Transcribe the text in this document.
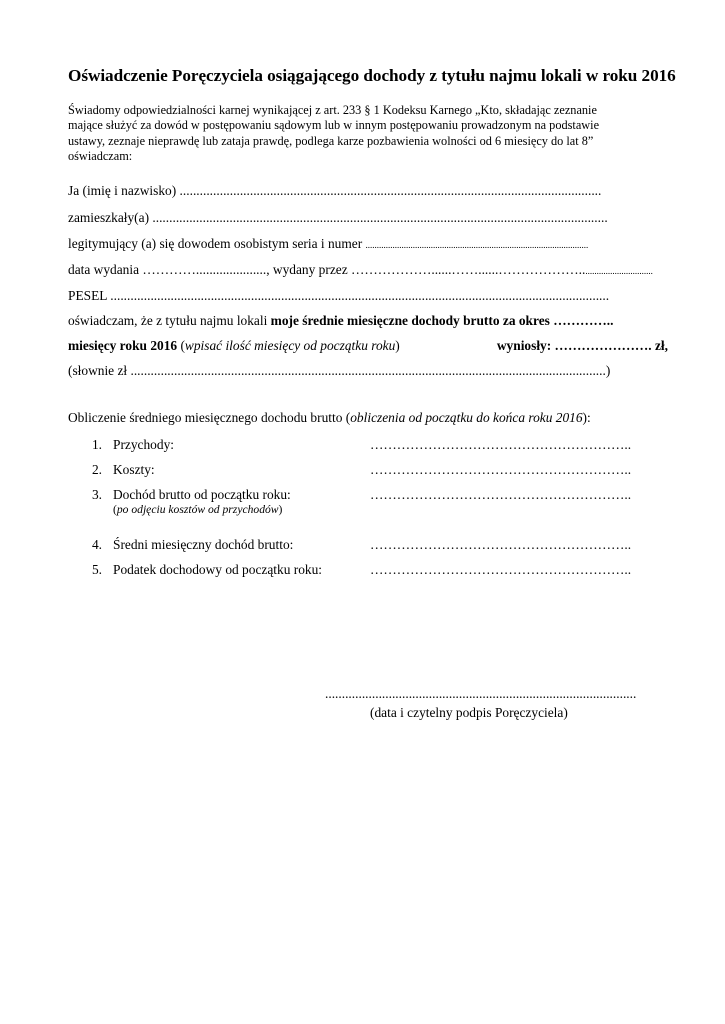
Oświadczenie Poręczyciela osiągającego dochody z tytułu najmu lokali w roku 2016
Świadomy odpowiedzialności karnej wynikającej z art. 233 § 1 Kodeksu Karnego „Kto, składając zeznanie
mające służyć za dowód w postępowaniu sądowym lub w innym postępowaniu prowadzonym na podstawie
ustawy, zeznaje nieprawdę lub zataja prawdę, podlega karze pozbawienia wolności od 6 miesięcy do lat 8”
oświadczam:
Ja (imię i nazwisko) ..............................................................................................................................
zamieszkały(a) ........................................................................................................................................
legitymujący (a) się dowodem osobistym seria i numer ...................................................................................................
data wydania …………....................., wydany przez ………………......……......………………................................
PESEL .....................................................................................................................................................
oświadczam, że z tytułu najmu lokali moje średnie miesięczne dochody brutto za okres …………..
miesięcy roku 2016 (wpisać ilość miesięcy od początku roku)	wyniosły: …………………. zł,
(słownie zł ..............................................................................................................................................)
Obliczenie średniego miesięcznego dochodu brutto (obliczenia od początku do końca roku 2016):
1. Przychody:	…………………………………………………..
2. Koszty:	…………………………………………………..
3. Dochód brutto od początku roku:	…………………………………………………..
(po odjęciu kosztów od przychodów)
4. Średni miesięczny dochód brutto:	…………………………………………………..
5. Podatek dochodowy od początku roku:	…………………………………………………..
.............................................................................................
(data i czytelny podpis Poręczyciela)
